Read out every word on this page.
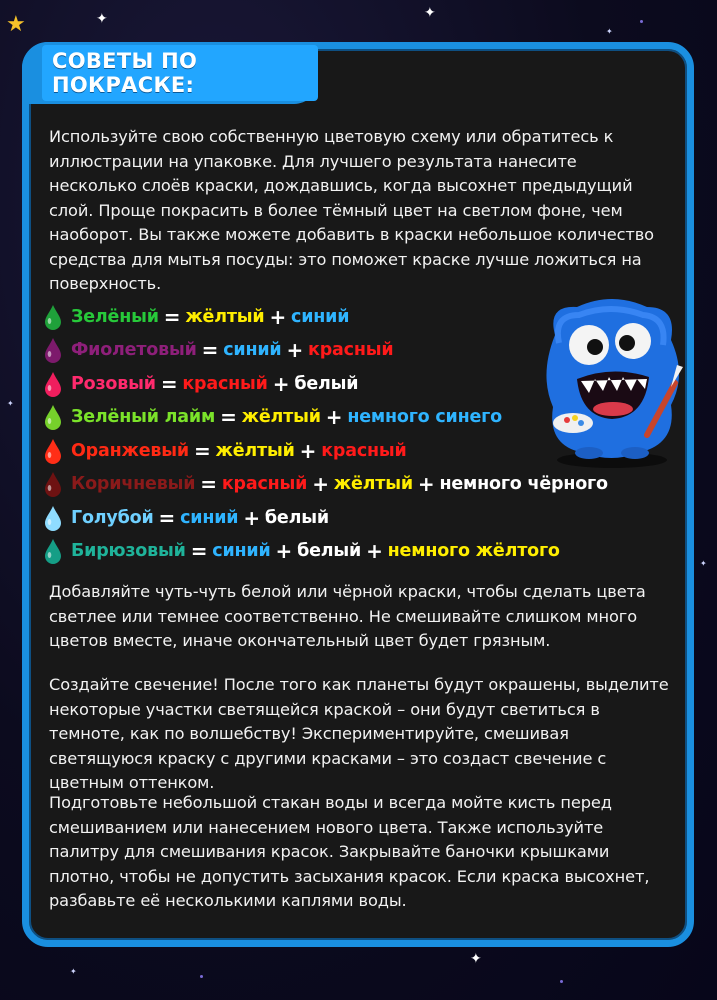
★	✦	✦
✦
✦
✦
✦
✦
СОВЕТЫ ПО ПОКРАСКЕ:
Используйте свою собственную цветовую схему или обратитесь к иллюстрации на упаковке. Для лучшего результата нанесите несколько слоёв краски, дождавшись, когда высохнет предыдущий слой. Проще покрасить в более тёмный цвет на светлом фоне, чем наоборот. Вы также можете добавить в краски небольшое количество средства для мытья посуды: это поможет краске лучше ложиться на поверхность.
Зелёный = жёлтый + синий
Фиолетовый = синий + красный
Розовый = красный + белый
Зелёный лайм = жёлтый + немного синего
Оранжевый = жёлтый + красный
Коричневый = красный + жёлтый + немного чёрного
Голубой = синий + белый
Бирюзовый = синий + белый + немного жёлтого
Добавляйте чуть-чуть белой или чёрной краски, чтобы сделать цвета светлее или темнее соответственно. Не смешивайте слишком много цветов вместе, иначе окончательный цвет будет грязным.
Создайте свечение! После того как планеты будут окрашены, выделите некоторые участки светящейся краской – они будут светиться в темноте, как по волшебству! Экспериментируйте, смешивая светящуюся краску с другими красками – это создаст свечение с цветным оттенком.
Подготовьте небольшой стакан воды и всегда мойте кисть перед смешиванием или нанесением нового цвета. Также используйте палитру для смешивания красок. Закрывайте баночки крышками плотно, чтобы не допустить засыхания красок. Если краска высохнет, разбавьте её несколькими каплями воды.
